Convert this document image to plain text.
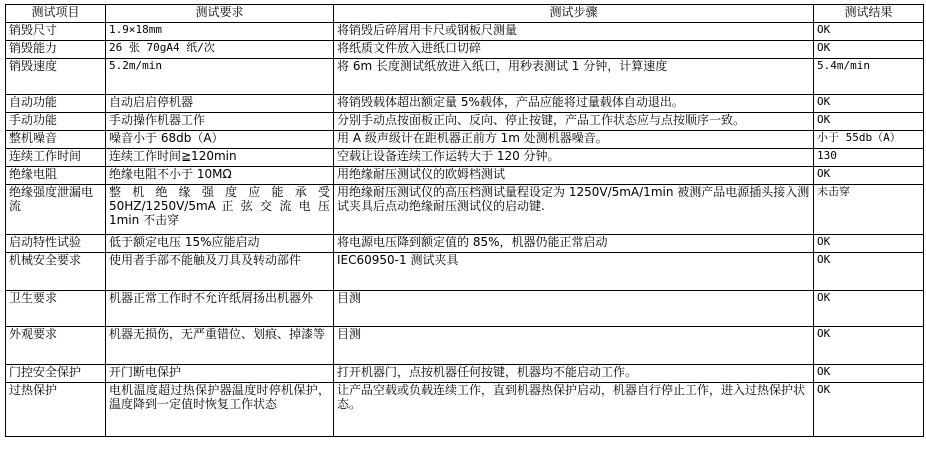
测试项目	测试要求	测试步骤	测试结果
销毁尺寸	1.9×18mm	将销毁后碎屑用卡尺或钢板尺测量	OK
销毁能力	26 张 70gA4 纸/次	将纸质文件放入进纸口切碎	OK
销毁速度	5.2m/min	将 6m 长度测试纸放进入纸口，用秒表测试 1 分钟，计算速度	5.4m/min
自动功能	自动启启停机器	将销毁载体超出额定量 5%载体，产品应能将过量载体自动退出。	OK
手动功能	手动操作机器工作	分别手动点按面板正向、反向、停止按键，产品工作状态应与点按顺序一致。	OK
整机噪音	噪音小于 68db（A）	用 A 级声级计在距机器正前方 1m 处测机器噪音。	小于 55db（A）
连续工作时间	连续工作时间≧120min	空载让设备连续工作运转大于 120 分钟。	130
绝缘电阻	绝缘电阻不小于 10MΩ	用绝缘耐压测试仪的欧姆档测试	OK
绝缘强度泄漏电流	整 机 绝 缘 强 度 应 能 承 受 50HZ/1250V/5mA 正 弦 交 流 电 压 1min 不击穿	用绝缘耐压测试仪的高压档测试量程设定为 1250V/5mA/1min 被测产品电源插头接入测试夹具后点动绝缘耐压测试仪的启动键.	未击穿
启动特性试验	低于额定电压 15%应能启动	将电源电压降到额定值的 85%，机器仍能正常启动	OK
机械安全要求	使用者手部不能触及刀具及转动部件	IEC60950-1 测试夹具	OK
卫生要求	机器正常工作时不允许纸屑扬出机器外	目测	OK
外观要求	机器无损伤，无严重错位、划痕、掉漆等	目测	OK
门控安全保护	开门断电保护	打开机器门，点按机器任何按键，机器均不能启动工作。	OK
过热保护	电机温度超过热保护器温度时停机保护，温度降到一定值时恢复工作状态	让产品空载或负载连续工作，直到机器热保护启动，机器自行停止工作，进入过热保护状态。	OK
